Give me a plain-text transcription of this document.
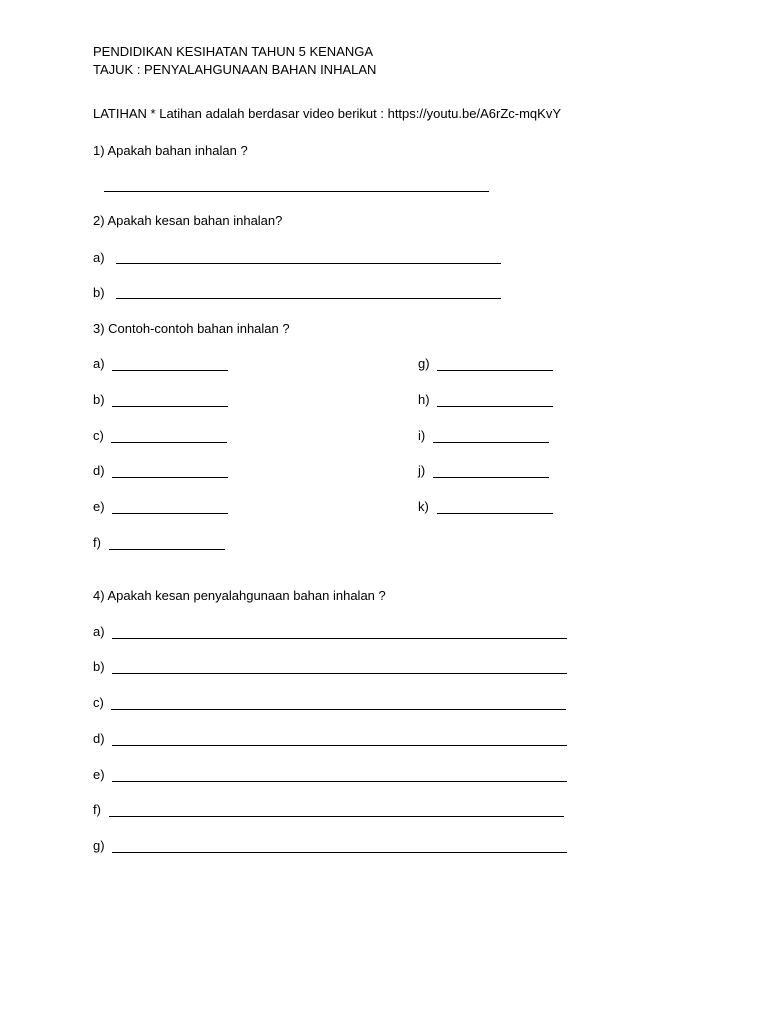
PENDIDIKAN KESIHATAN TAHUN 5 KENANGA

TAJUK : PENYALAHGUNAAN BAHAN INHALAN

LATIHAN * Latihan adalah berdasar video berikut : https://youtu.be/A6rZc-mqKvY

1) Apakah bahan inhalan ?

2) Apakah kesan bahan inhalan?

a)
b)

3) Contoh-contoh bahan inhalan ?

a)
b)
c)
d)
e)
f)
g)
h)
i)
j)
k)

4) Apakah kesan penyalahgunaan bahan inhalan ?

a)
b)
c)
d)
e)
f)
g)
